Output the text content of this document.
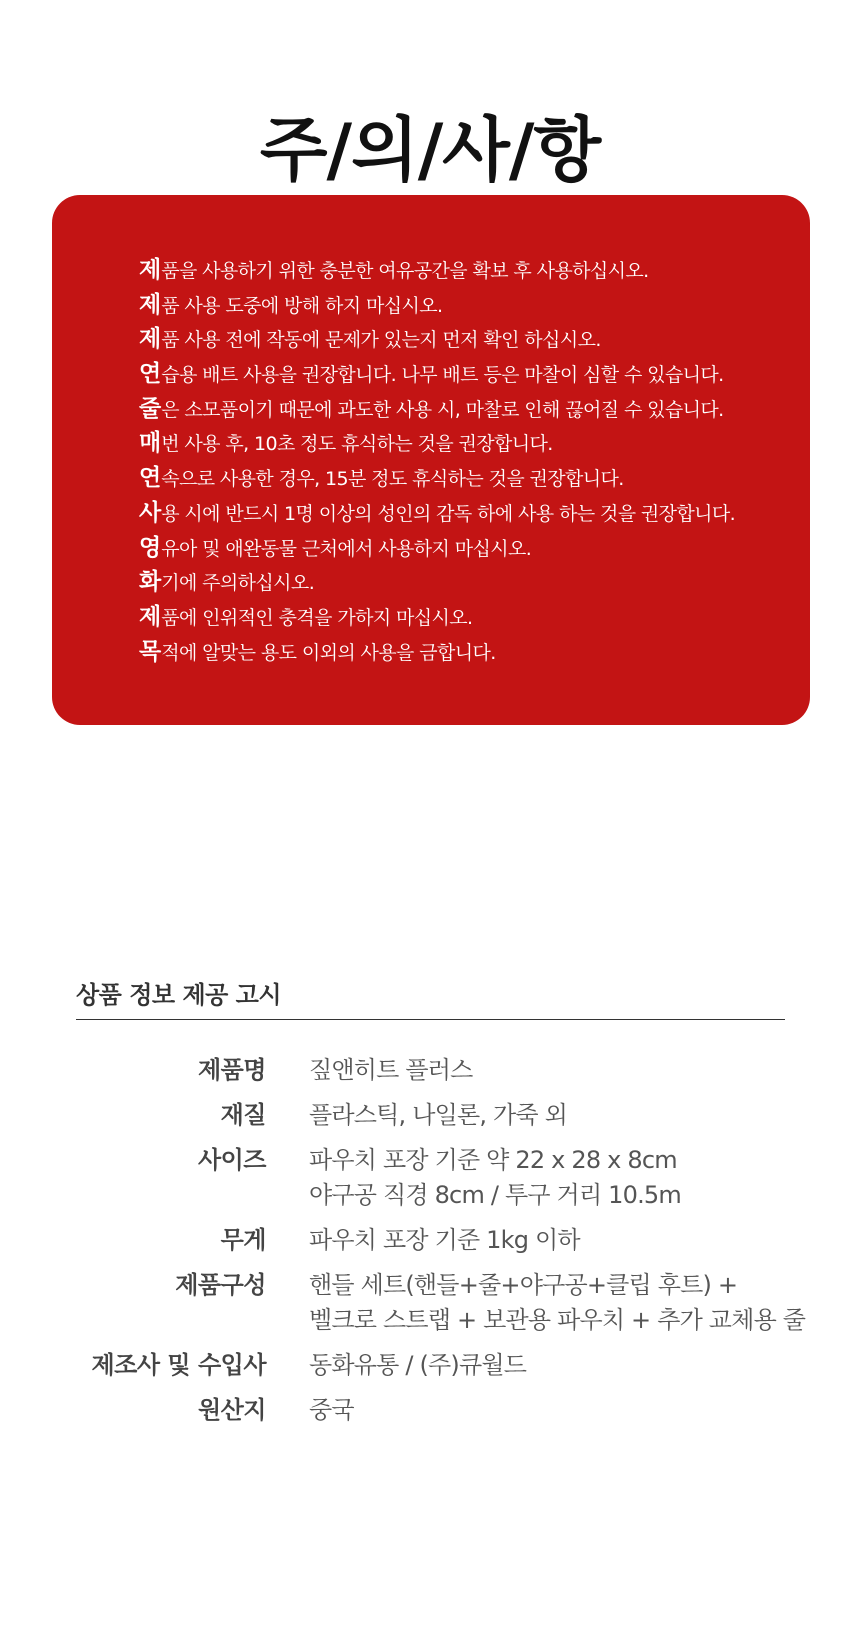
주/의/사/항
제품을 사용하기 위한 충분한 여유공간을 확보 후 사용하십시오.
제품 사용 도중에 방해 하지 마십시오.
제품 사용 전에 작동에 문제가 있는지 먼저 확인 하십시오.
연습용 배트 사용을 권장합니다. 나무 배트 등은 마찰이 심할 수 있습니다.
줄은 소모품이기 때문에 과도한 사용 시, 마찰로 인해 끊어질 수 있습니다.
매번 사용 후, 10초 정도 휴식하는 것을 권장합니다.
연속으로 사용한 경우, 15분 정도 휴식하는 것을 권장합니다.
사용 시에 반드시 1명 이상의 성인의 감독 하에 사용 하는 것을 권장합니다.
영유아 및 애완동물 근처에서 사용하지 마십시오.
화기에 주의하십시오.
제품에 인위적인 충격을 가하지 마십시오.
목적에 알맞는 용도 이외의 사용을 금합니다.
상품 정보 제공 고시
제품명 짚앤히트 플러스
재질 플라스틱, 나일론, 가죽 외
사이즈 파우치 포장 기준 약 22 x 28 x 8cm
야구공 직경 8cm / 투구 거리 10.5m
무게 파우치 포장 기준 1kg 이하
제품구성 핸들 세트(핸들+줄+야구공+클립 후트) +
벨크로 스트랩 + 보관용 파우치 + 추가 교체용 줄
제조사 및 수입사 동화유통 / (주)큐월드
원산지 중국
